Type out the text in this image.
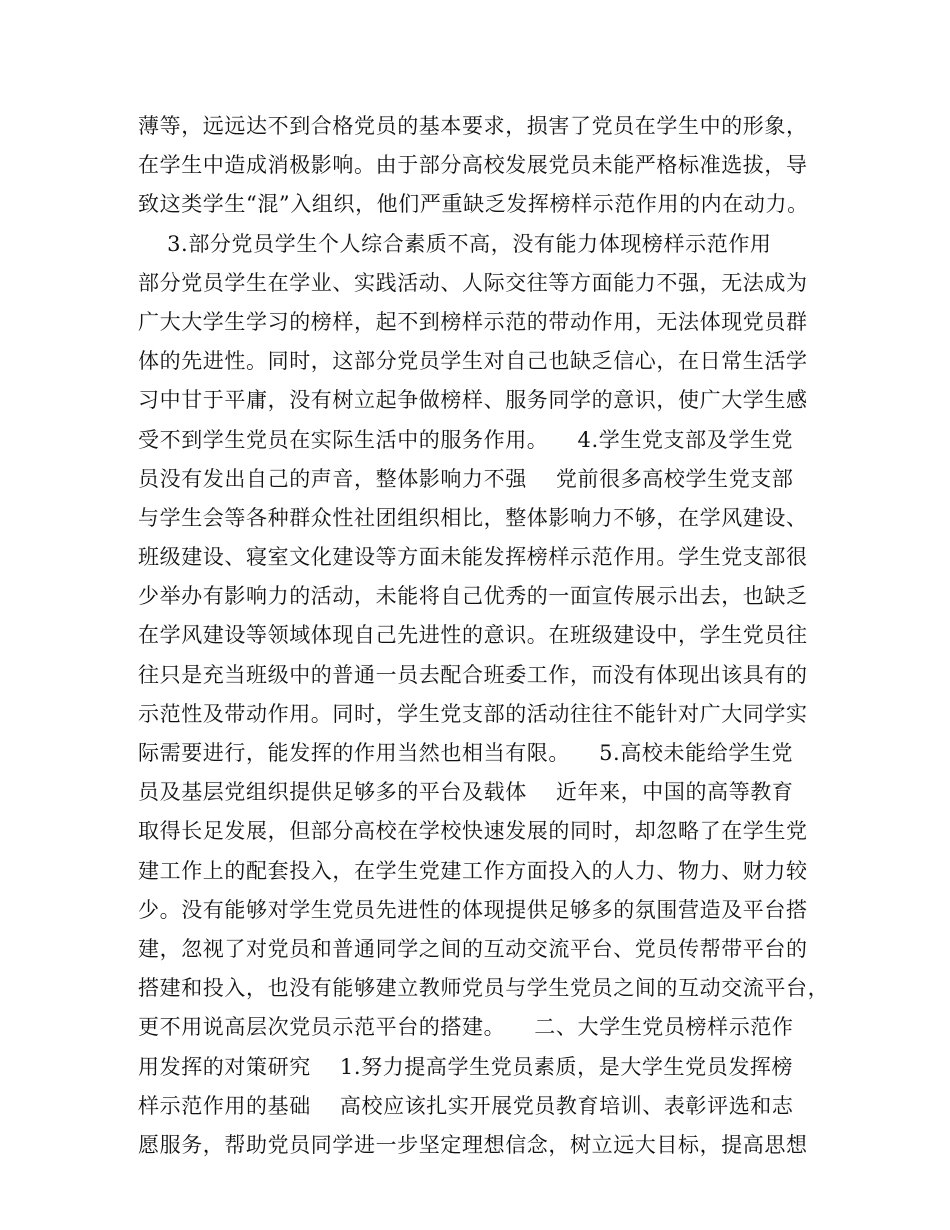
薄等，远远达不到合格党员的基本要求，损害了党员在学生中的形象，
在学生中造成消极影响。由于部分高校发展党员未能严格标准选拔，导
致这类学生“混”入组织，他们严重缺乏发挥榜样示范作用的内在动力。
3.部分党员学生个人综合素质不高，没有能力体现榜样示范作用
部分党员学生在学业、实践活动、人际交往等方面能力不强，无法成为
广大大学生学习的榜样，起不到榜样示范的带动作用，无法体现党员群
体的先进性。同时，这部分党员学生对自己也缺乏信心，在日常生活学
习中甘于平庸，没有树立起争做榜样、服务同学的意识，使广大学生感
受不到学生党员在实际生活中的服务作用。    4.学生党支部及学生党
员没有发出自己的声音，整体影响力不强    党前很多高校学生党支部
与学生会等各种群众性社团组织相比，整体影响力不够，在学风建设、
班级建设、寝室文化建设等方面未能发挥榜样示范作用。学生党支部很
少举办有影响力的活动，未能将自己优秀的一面宣传展示出去，也缺乏
在学风建设等领域体现自己先进性的意识。在班级建设中，学生党员往
往只是充当班级中的普通一员去配合班委工作，而没有体现出该具有的
示范性及带动作用。同时，学生党支部的活动往往不能针对广大同学实
际需要进行，能发挥的作用当然也相当有限。    5.高校未能给学生党
员及基层党组织提供足够多的平台及载体    近年来，中国的高等教育
取得长足发展，但部分高校在学校快速发展的同时，却忽略了在学生党
建工作上的配套投入，在学生党建工作方面投入的人力、物力、财力较
少。没有能够对学生党员先进性的体现提供足够多的氛围营造及平台搭
建，忽视了对党员和普通同学之间的互动交流平台、党员传帮带平台的
搭建和投入，也没有能够建立教师党员与学生党员之间的互动交流平台，
更不用说高层次党员示范平台的搭建。    二、大学生党员榜样示范作
用发挥的对策研究    1.努力提高学生党员素质，是大学生党员发挥榜
样示范作用的基础    高校应该扎实开展党员教育培训、表彰评选和志
愿服务，帮助党员同学进一步坚定理想信念，树立远大目标，提高思想
